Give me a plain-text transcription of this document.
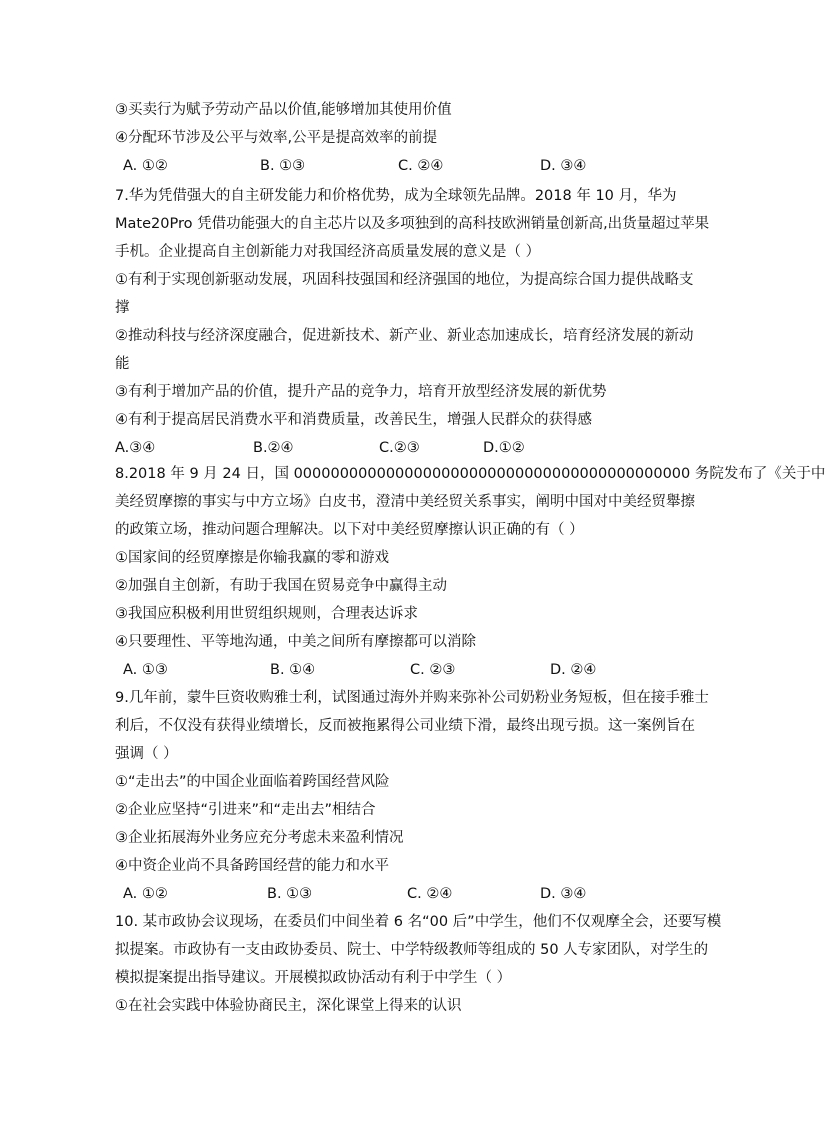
③买卖行为赋予劳动产品以价值,能够增加其使用价值
④分配环节涉及公平与效率,公平是提高效率的前提
A. ①②	B. ①③	C. ②④	D. ③④
7.华为凭借强大的自主研发能力和价格优势，成为全球领先品牌。2018 年 10 月，华为
Mate20Pro 凭借功能强大的自主芯片以及多项独到的高科技欧洲销量创新高,出货量超过苹果
手机。企业提高自主创新能力对我国经济高质量发展的意义是（ ）
①有利于实现创新驱动发展，巩固科技强国和经济强国的地位，为提高综合国力提供战略支
撑
②推动科技与经济深度融合，促进新技术、新产业、新业态加速成长，培育经济发展的新动
能
③有利于增加产品的价值，提升产品的竞争力，培育开放型经济发展的新优势
④有利于提高居民消费水平和消费质量，改善民生，增强人民群众的获得感
A.③④	B.②④	C.②③	D.①②
8.2018 年 9 月 24 日，国 0000000000000000000000000000000000000000000 务院发布了《关于中
美经贸摩擦的事实与中方立场》白皮书，澄清中美经贸关系事实，阐明中国对中美经贸舉擦
的政策立场，推动问题合理解决。以下对中美经贸摩擦认识正确的有（ ）
①国家间的经贸摩擦是你输我赢的零和游戏
②加强自主创新，有助于我国在贸易竞争中赢得主动
③我国应积极利用世贸组织规则，合理表达诉求
④只要理性、平等地沟通，中美之间所有摩擦都可以消除
A. ①③	B. ①④	C. ②③	D. ②④
9.几年前，蒙牛巨资收购雅士利，试图通过海外并购来弥补公司奶粉业务短板，但在接手雅士
利后，不仅没有获得业绩增长，反而被拖累得公司业绩下滑，最终出现亏损。这一案例旨在
强调（ ）
①“走出去”的中国企业面临着跨国经营风险
②企业应坚持“引进来”和“走出去”相结合
③企业拓展海外业务应充分考虑未来盈利情况
④中资企业尚不具备跨国经营的能力和水平
A. ①②	B. ①③	C. ②④	D. ③④
10. 某市政协会议现场，在委员们中间坐着 6 名“00 后”中学生，他们不仅观摩全会，还要写模
拟提案。市政协有一支由政协委员、院士、中学特级教师等组成的 50 人专家团队，对学生的
模拟提案提出指导建议。开展模拟政协活动有利于中学生（ ）
①在社会实践中体验协商民主，深化课堂上得来的认识
